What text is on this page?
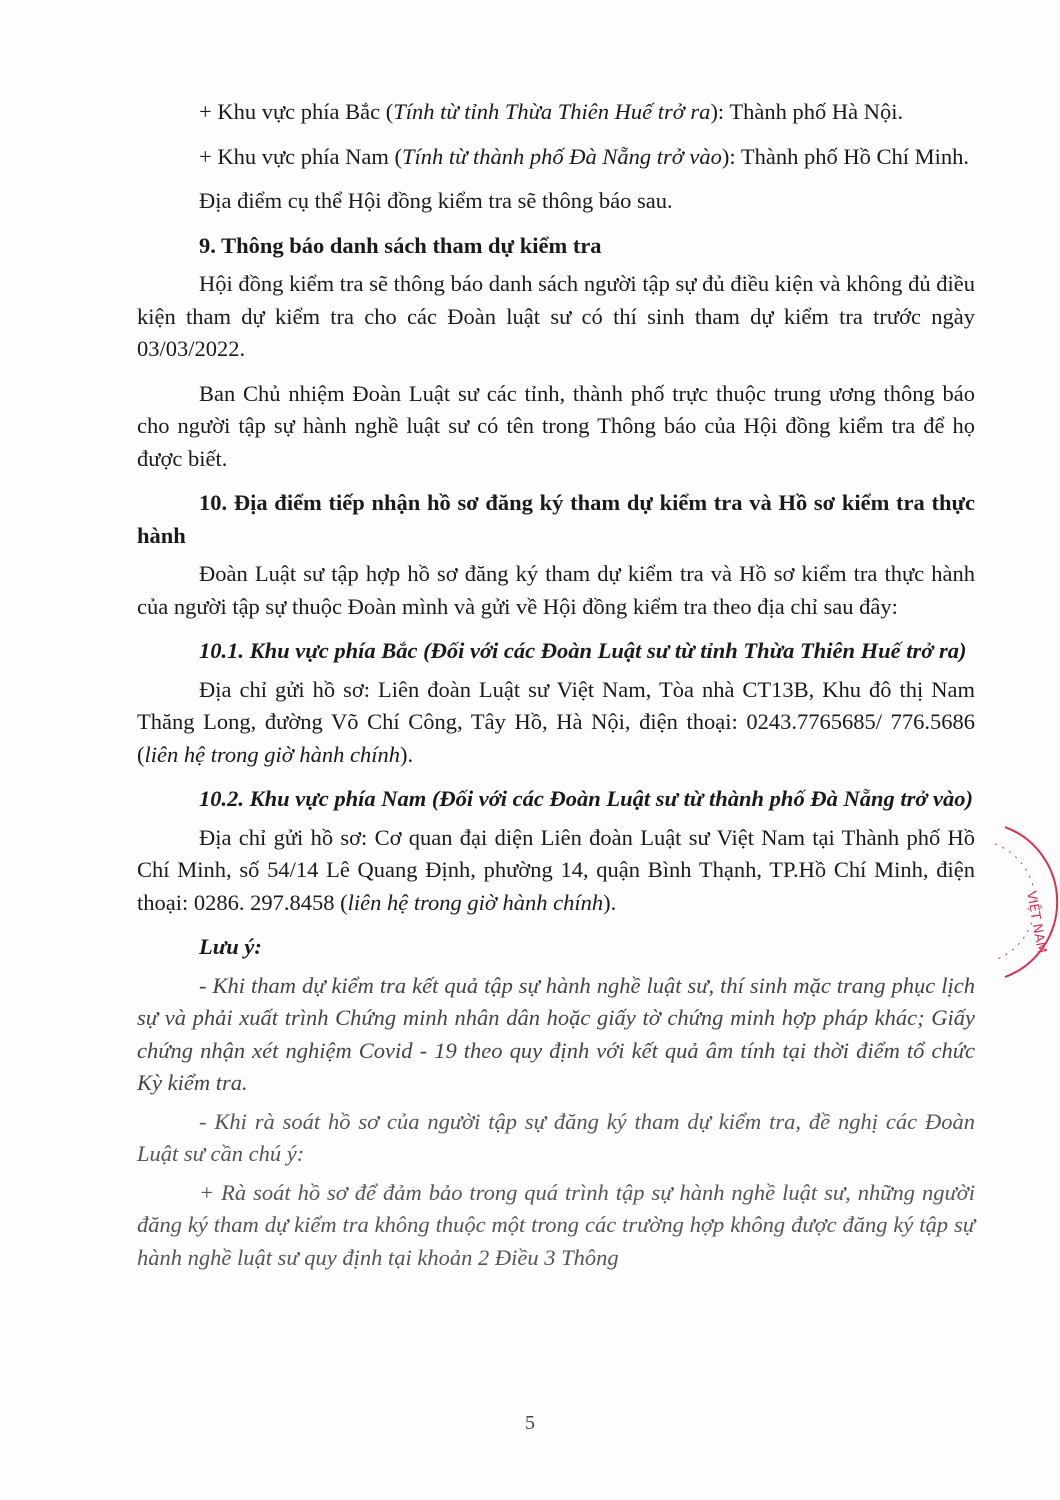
+ Khu vực phía Bắc (Tính từ tỉnh Thừa Thiên Huế trở ra): Thành phố Hà Nội.

+ Khu vực phía Nam (Tính từ thành phố Đà Nẵng trở vào): Thành phố Hồ Chí Minh.

Địa điểm cụ thể Hội đồng kiểm tra sẽ thông báo sau.

9. Thông báo danh sách tham dự kiểm tra

Hội đồng kiểm tra sẽ thông báo danh sách người tập sự đủ điều kiện và không đủ điều kiện tham dự kiểm tra cho các Đoàn luật sư có thí sinh tham dự kiểm tra trước ngày 03/03/2022.

Ban Chủ nhiệm Đoàn Luật sư các tỉnh, thành phố trực thuộc trung ương thông báo cho người tập sự hành nghề luật sư có tên trong Thông báo của Hội đồng kiểm tra để họ được biết.

10. Địa điểm tiếp nhận hồ sơ đăng ký tham dự kiểm tra và Hồ sơ kiểm tra thực hành

Đoàn Luật sư tập hợp hồ sơ đăng ký tham dự kiểm tra và Hồ sơ kiểm tra thực hành của người tập sự thuộc Đoàn mình và gửi về Hội đồng kiểm tra theo địa chỉ sau đây:

10.1. Khu vực phía Bắc (Đối với các Đoàn Luật sư từ tỉnh Thừa Thiên Huế trở ra)

Địa chỉ gửi hồ sơ: Liên đoàn Luật sư Việt Nam, Tòa nhà CT13B, Khu đô thị Nam Thăng Long, đường Võ Chí Công, Tây Hồ, Hà Nội, điện thoại: 0243.7765685/ 776.5686 (liên hệ trong giờ hành chính).

10.2. Khu vực phía Nam (Đối với các Đoàn Luật sư từ thành phố Đà Nẵng trở vào)

Địa chỉ gửi hồ sơ: Cơ quan đại diện Liên đoàn Luật sư Việt Nam tại Thành phố Hồ Chí Minh, số 54/14 Lê Quang Định, phường 14, quận Bình Thạnh, TP.Hồ Chí Minh, điện thoại: 0286. 297.8458 (liên hệ trong giờ hành chính).

Lưu ý:

- Khi tham dự kiểm tra kết quả tập sự hành nghề luật sư, thí sinh mặc trang phục lịch sự và phải xuất trình Chứng minh nhân dân hoặc giấy tờ chứng minh hợp pháp khác; Giấy chứng nhận xét nghiệm Covid - 19 theo quy định với kết quả âm tính tại thời điểm tổ chức Kỳ kiểm tra.

- Khi rà soát hồ sơ của người tập sự đăng ký tham dự kiểm tra, đề nghị các Đoàn Luật sư cần chú ý:

+ Rà soát hồ sơ để đảm bảo trong quá trình tập sự hành nghề luật sư, những người đăng ký tham dự kiểm tra không thuộc một trong các trường hợp không được đăng ký tập sự hành nghề luật sư quy định tại khoản 2 Điều 3 Thông

5
VIỆT NAM
